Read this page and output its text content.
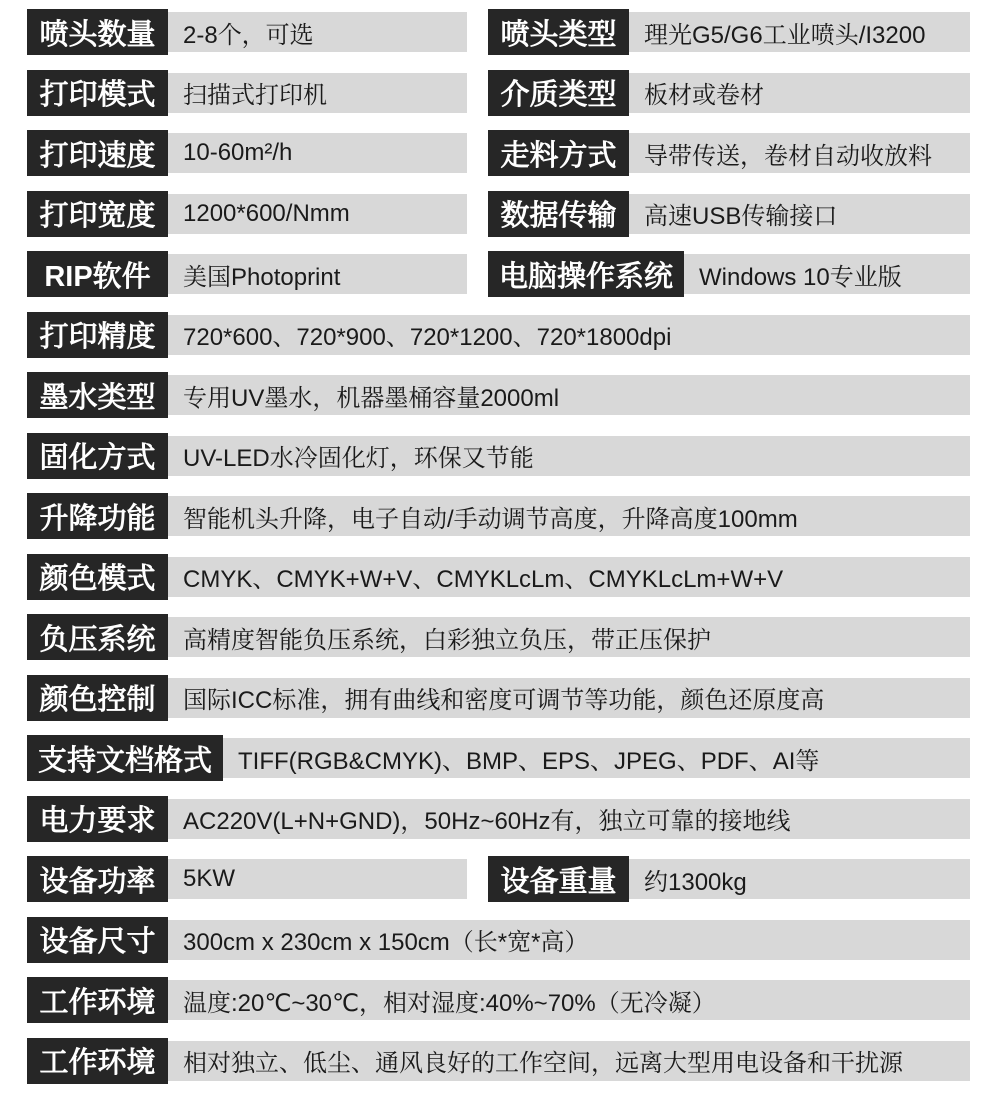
喷头数量	2-8个，可选	喷头类型	理光G5/G6工业喷头/I3200
打印模式	扫描式打印机	介质类型	板材或卷材
打印速度	10-60m²/h	走料方式	导带传送，卷材自动收放料
打印宽度	1200*600/Nmm	数据传输	高速USB传输接口
RIP软件	美国Photoprint	电脑操作系统	Windows 10专业版
打印精度	720*600、720*900、720*1200、720*1800dpi
墨水类型	专用UV墨水，机器墨桶容量2000ml
固化方式	UV-LED水冷固化灯，环保又节能
升降功能	智能机头升降，电子自动/手动调节高度，升降高度100mm
颜色模式	CMYK、CMYK+W+V、CMYKLcLm、CMYKLcLm+W+V
负压系统	高精度智能负压系统，白彩独立负压，带正压保护
颜色控制	国际ICC标准，拥有曲线和密度可调节等功能，颜色还原度高
支持文档格式	TIFF(RGB&CMYK)、BMP、EPS、JPEG、PDF、AI等
电力要求	AC220V(L+N+GND)，50Hz~60Hz有，独立可靠的接地线
设备功率	5KW	设备重量	约1300kg
设备尺寸	300cm x 230cm x 150cm（长*宽*高）
工作环境	温度:20℃~30℃，相对湿度:40%~70%（无冷凝）
工作环境	相对独立、低尘、通风良好的工作空间，远离大型用电设备和干扰源
